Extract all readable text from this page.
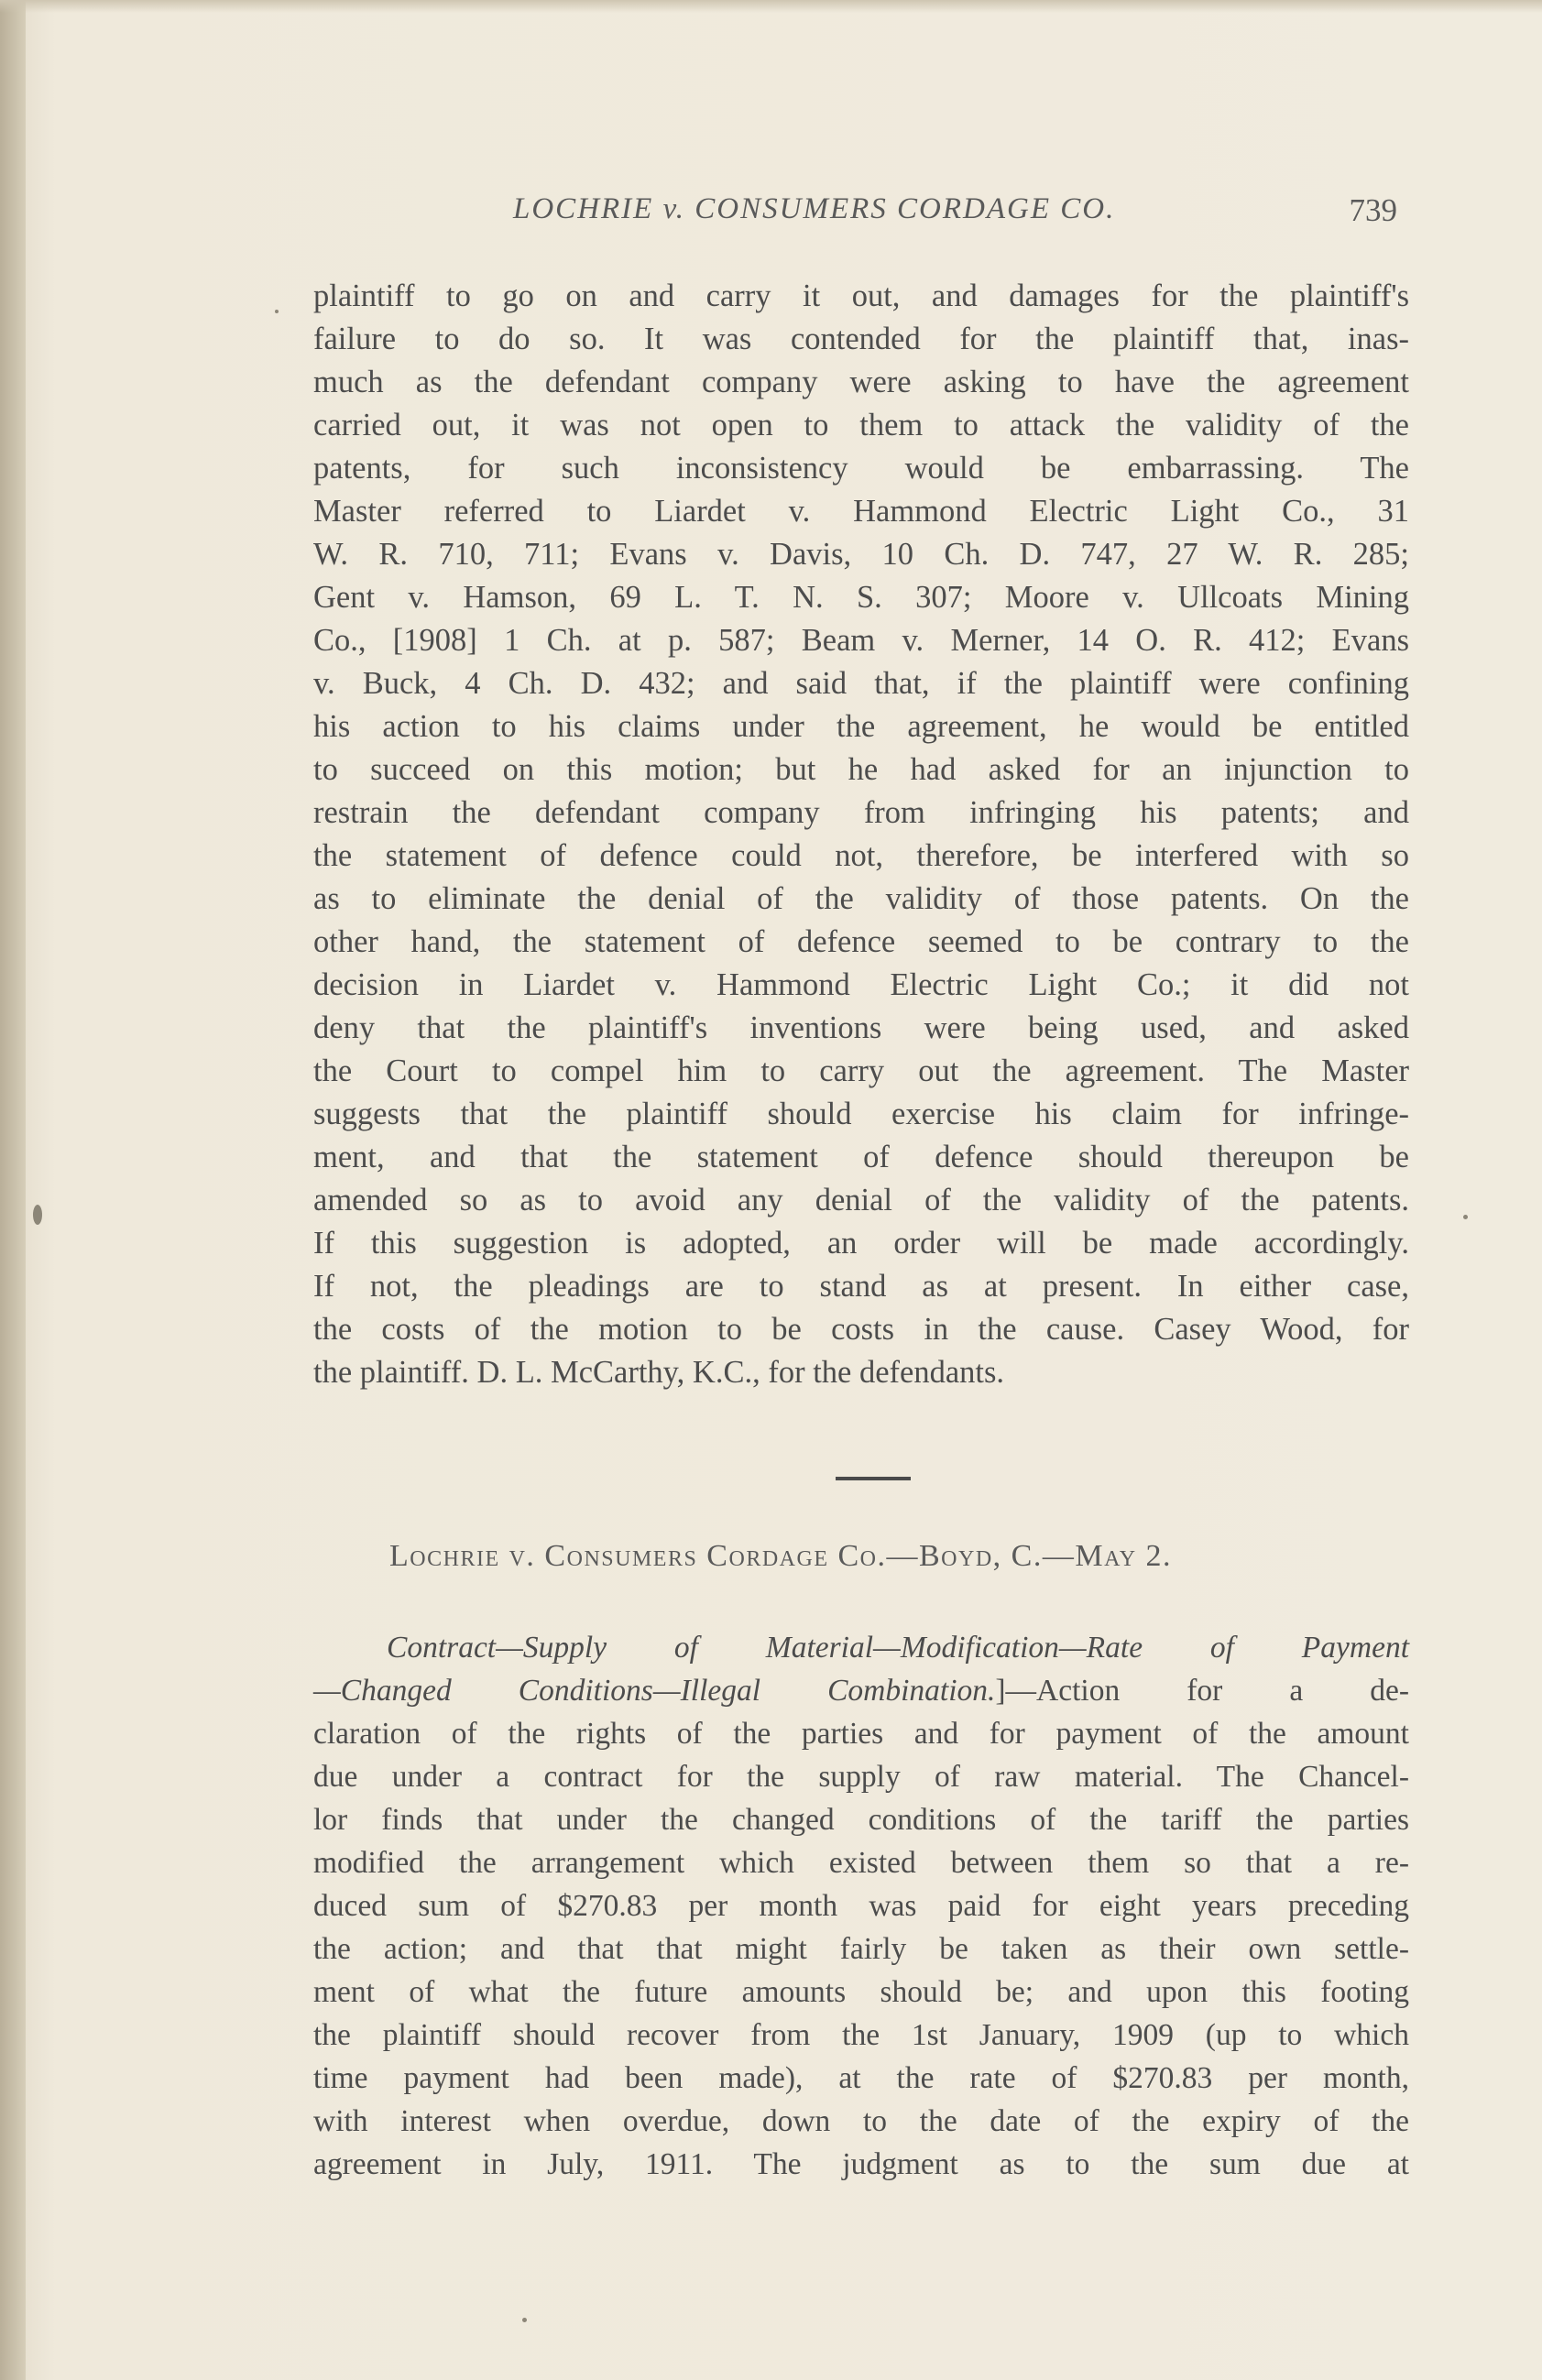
LOCHRIE v. CONSUMERS CORDAGE CO.	739
plaintiff to go on and carry it out, and damages for the plaintiff's
failure to do so. It was contended for the plaintiff that, inas-
much as the defendant company were asking to have the agreement
carried out, it was not open to them to attack the validity of the
patents, for such inconsistency would be embarrassing. The
Master referred to Liardet v. Hammond Electric Light Co., 31
W. R. 710, 711; Evans v. Davis, 10 Ch. D. 747, 27 W. R. 285;
Gent v. Hamson, 69 L. T. N. S. 307; Moore v. Ullcoats Mining
Co., [1908] 1 Ch. at p. 587; Beam v. Merner, 14 O. R. 412; Evans
v. Buck, 4 Ch. D. 432; and said that, if the plaintiff were confining
his action to his claims under the agreement, he would be entitled
to succeed on this motion; but he had asked for an injunction to
restrain the defendant company from infringing his patents; and
the statement of defence could not, therefore, be interfered with so
as to eliminate the denial of the validity of those patents. On the
other hand, the statement of defence seemed to be contrary to the
decision in Liardet v. Hammond Electric Light Co.; it did not
deny that the plaintiff's inventions were being used, and asked
the Court to compel him to carry out the agreement. The Master
suggests that the plaintiff should exercise his claim for infringe-
ment, and that the statement of defence should thereupon be
amended so as to avoid any denial of the validity of the patents.
If this suggestion is adopted, an order will be made accordingly.
If not, the pleadings are to stand as at present. In either case,
the costs of the motion to be costs in the cause. Casey Wood, for
the plaintiff. D. L. McCarthy, K.C., for the defendants.
Lochrie v. Consumers Cordage Co.—Boyd, C.—May 2.
Contract—Supply of Material—Modification—Rate of Payment
—Changed Conditions—Illegal Combination.]—Action for a de-
claration of the rights of the parties and for payment of the amount
due under a contract for the supply of raw material. The Chancel-
lor finds that under the changed conditions of the tariff the parties
modified the arrangement which existed between them so that a re-
duced sum of $270.83 per month was paid for eight years preceding
the action; and that that might fairly be taken as their own settle-
ment of what the future amounts should be; and upon this footing
the plaintiff should recover from the 1st January, 1909 (up to which
time payment had been made), at the rate of $270.83 per month,
with interest when overdue, down to the date of the expiry of the
agreement in July, 1911. The judgment as to the sum due at
